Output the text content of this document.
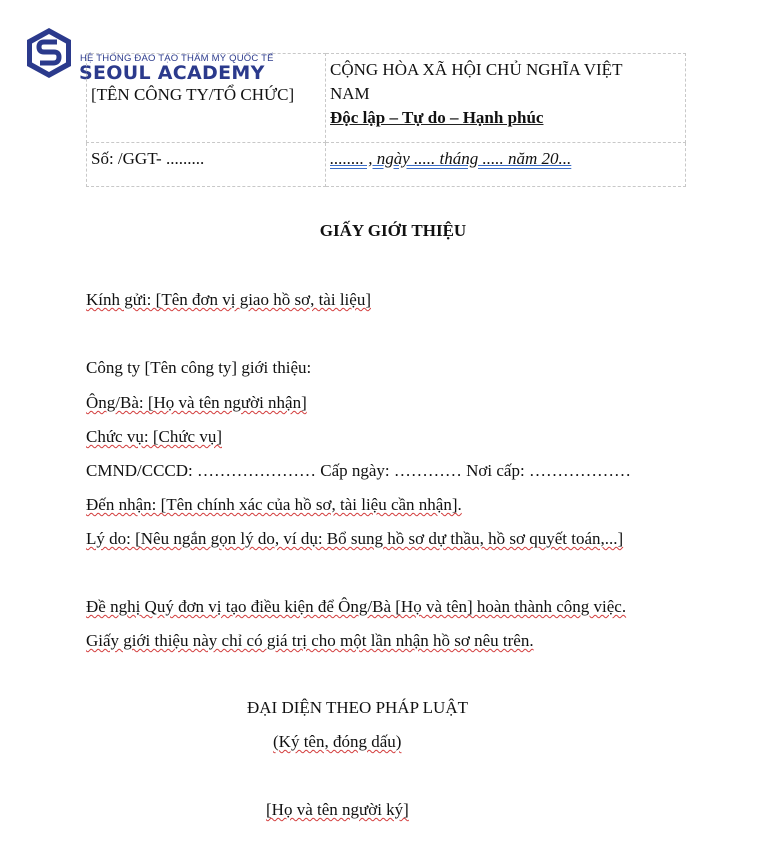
HỆ THỐNG ĐÀO TẠO THẨM MỸ QUỐC TẾ
SEOUL ACADEMY
[TÊN CÔNG TY/TỔ CHỨC]	CỘNG HÒA XÃ HỘI CHỦ NGHĨA VIỆT
NAM
Độc lập – Tự do – Hạnh phúc

Số: /GGT- .........	........ , ngày ..... tháng ..... năm 20...
GIẤY GIỚI THIỆU
Kính gửi: [Tên đơn vị giao hồ sơ, tài liệu]
Công ty [Tên công ty] giới thiệu:
Ông/Bà: [Họ và tên người nhận]
Chức vụ: [Chức vụ]
CMND/CCCD: ………………… Cấp ngày: ………… Nơi cấp: ………………
Đến nhận: [Tên chính xác của hồ sơ, tài liệu cần nhận].
Lý do: [Nêu ngắn gọn lý do, ví dụ: Bổ sung hồ sơ dự thầu, hồ sơ quyết toán,...]
Đề nghị Quý đơn vị tạo điều kiện để Ông/Bà [Họ và tên] hoàn thành công việc.
Giấy giới thiệu này chỉ có giá trị cho một lần nhận hồ sơ nêu trên.
ĐẠI DIỆN THEO PHÁP LUẬT
(Ký tên, đóng dấu)
[Họ và tên người ký]
